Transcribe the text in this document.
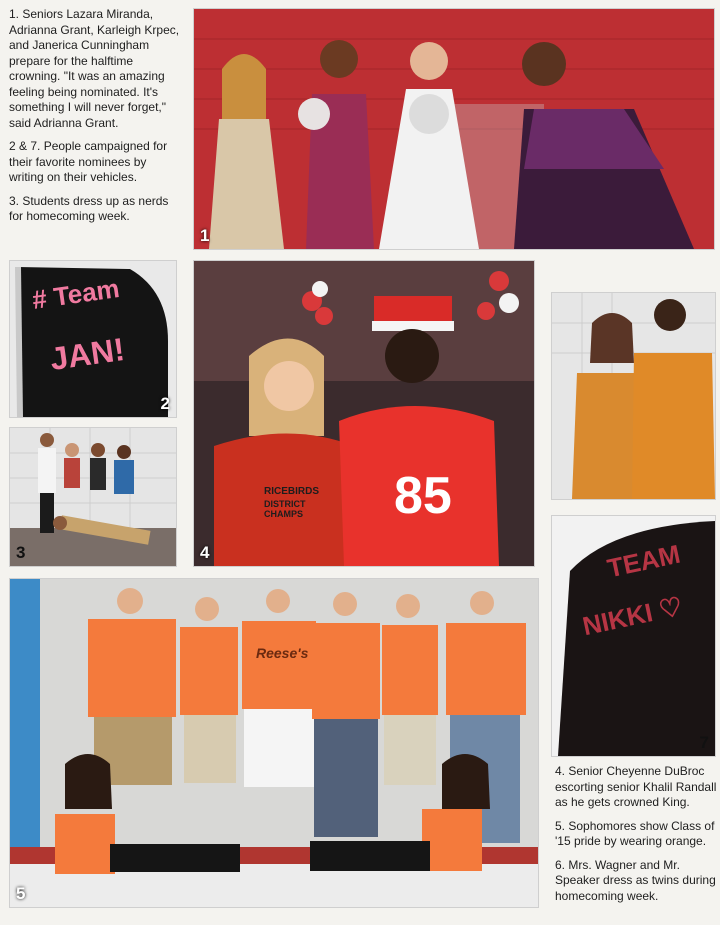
1. Seniors Lazara Miranda, Adrianna Grant, Karleigh Krpec, and Janerica Cunningham prepare for the halftime crowning. "It was an amazing feeling being nominated. It's something I will never forget," said Adrianna Grant.

2 & 7. People campaigned for their favorite nominees by writing on their vehicles.

3. Students dress up as nerds for homecoming week.

1
# Team
JAN!
2
3
RICEBIRDS
DISTRICT CHAMPS	85
4
Reese's
5
TEAM
NIKKI ♡
7

4. Senior Cheyenne DuBroc escorting senior Khalil Randall as he gets crowned King.

5. Sophomores show Class of '15 pride by wearing orange.

6. Mrs. Wagner and Mr. Speaker dress as twins during homecoming week.
